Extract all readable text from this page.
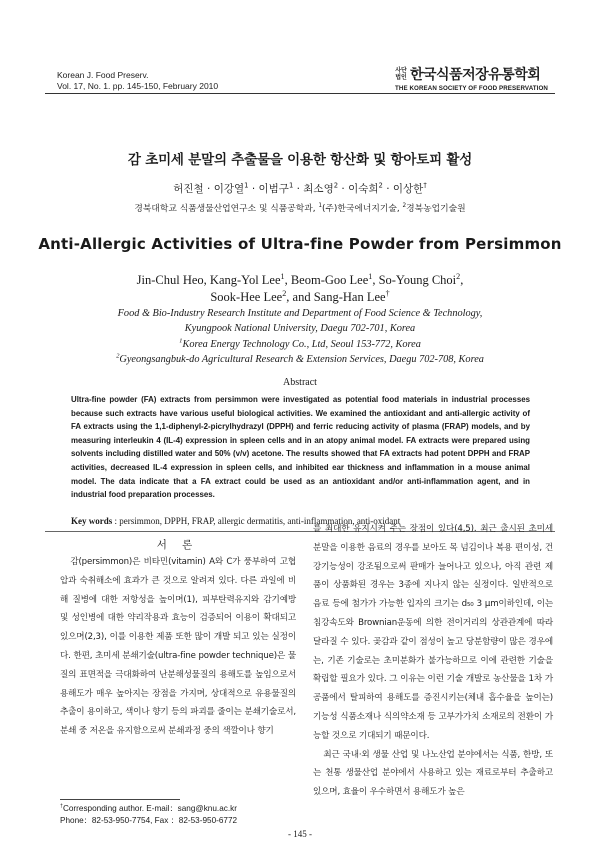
Korean J. Food Preserv.
Vol. 17, No. 1. pp. 145-150, February 2010
사단법인 한국식품저장유통학회
THE KOREAN SOCIETY OF FOOD PRESERVATION
감 초미세 분말의 추출물을 이용한 항산화 및 항아토피 활성
허진철 · 이강열$^1$ · 이범구$^1$ · 최소영$^2$ · 이숙희$^2$ · 이상한†
경북대학교 식품생물산업연구소 및 식품공학과, $^1$(주)한국에너지기술, $^2$경북농업기술원
Anti-Allergic Activities of Ultra-fine Powder from Persimmon
Jin-Chul Heo, Kang-Yol Lee$^1$, Beom-Goo Lee$^1$, So-Young Choi$^2$,
Sook-Hee Lee$^2$, and Sang-Han Lee†
Food & Bio-Industry Research Institute and Department of Food Science & Technology,
Kyungpook National University, Daegu 702-701, Korea
$^1$Korea Energy Technology Co., Ltd, Seoul 153-772, Korea
$^2$Gyeongsangbuk-do Agricultural Research & Extension Services, Daegu 702-708, Korea
Abstract
Ultra-fine powder (FA) extracts from persimmon were investigated as potential food materials in industrial processes because such extracts have various useful biological activities. We examined the antioxidant and anti-allergic activity of FA extracts using the 1,1-diphenyl-2-picrylhydrazyl (DPPH) and ferric reducing activity of plasma (FRAP) models, and by measuring interleukin 4 (IL-4) expression in spleen cells and in an atopy animal model. FA extracts were prepared using solvents including distilled water and 50% (v/v) acetone. The results showed that FA extracts had potent DPPH and FRAP activities, decreased IL-4 expression in spleen cells, and inhibited ear thickness and inflammation in a mouse animal model. The data indicate that a FA extract could be used as an antioxidant and/or anti-inflammation agent, and in industrial food preparation processes.
Key words : persimmon, DPPH, FRAP, allergic dermatitis, anti-inflammation, anti-oxidant
서 론

감(persimmon)은 비타민(vitamin) A와 C가 풍부하여 고협압과 숙취해소에 효과가 큰 것으로 알려져 있다. 다른 과일에 비해 질병에 대한 저항성을 높이며(1), 피부탄력유지와 감기예방 및 성인병에 대한 약리작용과 효능이 검증되어 이용이 확대되고 있으며(2,3), 이를 이용한 제품 또한 많이 개발 되고 있는 실정이다. 한편, 초미세 분쇄기술(ultra-fine powder technique)은 물질의 표면적을 극대화하여 난분해성물질의 용해도를 높임으로서 용해도가 매우 높아지는 장점을 가지며, 상대적으로 유용물질의 추출이 용이하고, 색이나 향기 등의 파괴를 줄이는 분쇄기술로서, 분쇄 중 저온을 유지함으로써 분쇄과정 중의 색깔이나 향기

를 최대한 유지시켜 주는 장점이 있다(4,5). 최근 출시된 초미세 분말을 이용한 음료의 경우를 보아도 목 넘김이나 복용 편이성, 건강기능성이 강조됨으로써 판매가 늘어나고 있으나, 아직 관련 제품이 상품화된 경우는 3종에 지나지 않는 실정이다. 일반적으로 음료 등에 첨가가 가능한 입자의 크기는 d₅₀ 3 μm이하인데, 이는 침강속도와 Brownian운동에 의한 전이거리의 상관관계에 따라 달라질 수 있다. 곶감과 같이 점성이 높고 당분함량이 많은 경우에는, 기존 기술로는 초미분화가 불가능하므로 이에 관련한 기술을 확립할 필요가 있다. 그 이유는 이런 기술 개발로 농산물을 1차 가공품에서 탈피하여 용해도를 증진시키는(체내 흡수율을 높이는) 기능성 식품소재나 식의약소재 등 고부가가치 소재로의 전환이 가능할 것으로 기대되기 때문이다.

최근 국내·외 생물 산업 및 나노산업 분야에서는 식품, 한방, 또는 천통 생물산업 분야에서 사용하고 있는 재료로부터 추출하고 있으며, 효율이 우수하면서 용해도가 높은

†Corresponding author. E-mail：sang@knu.ac.kr
Phone：82-53-950-7754, Fax ：82-53-950-6772
- 145 -
